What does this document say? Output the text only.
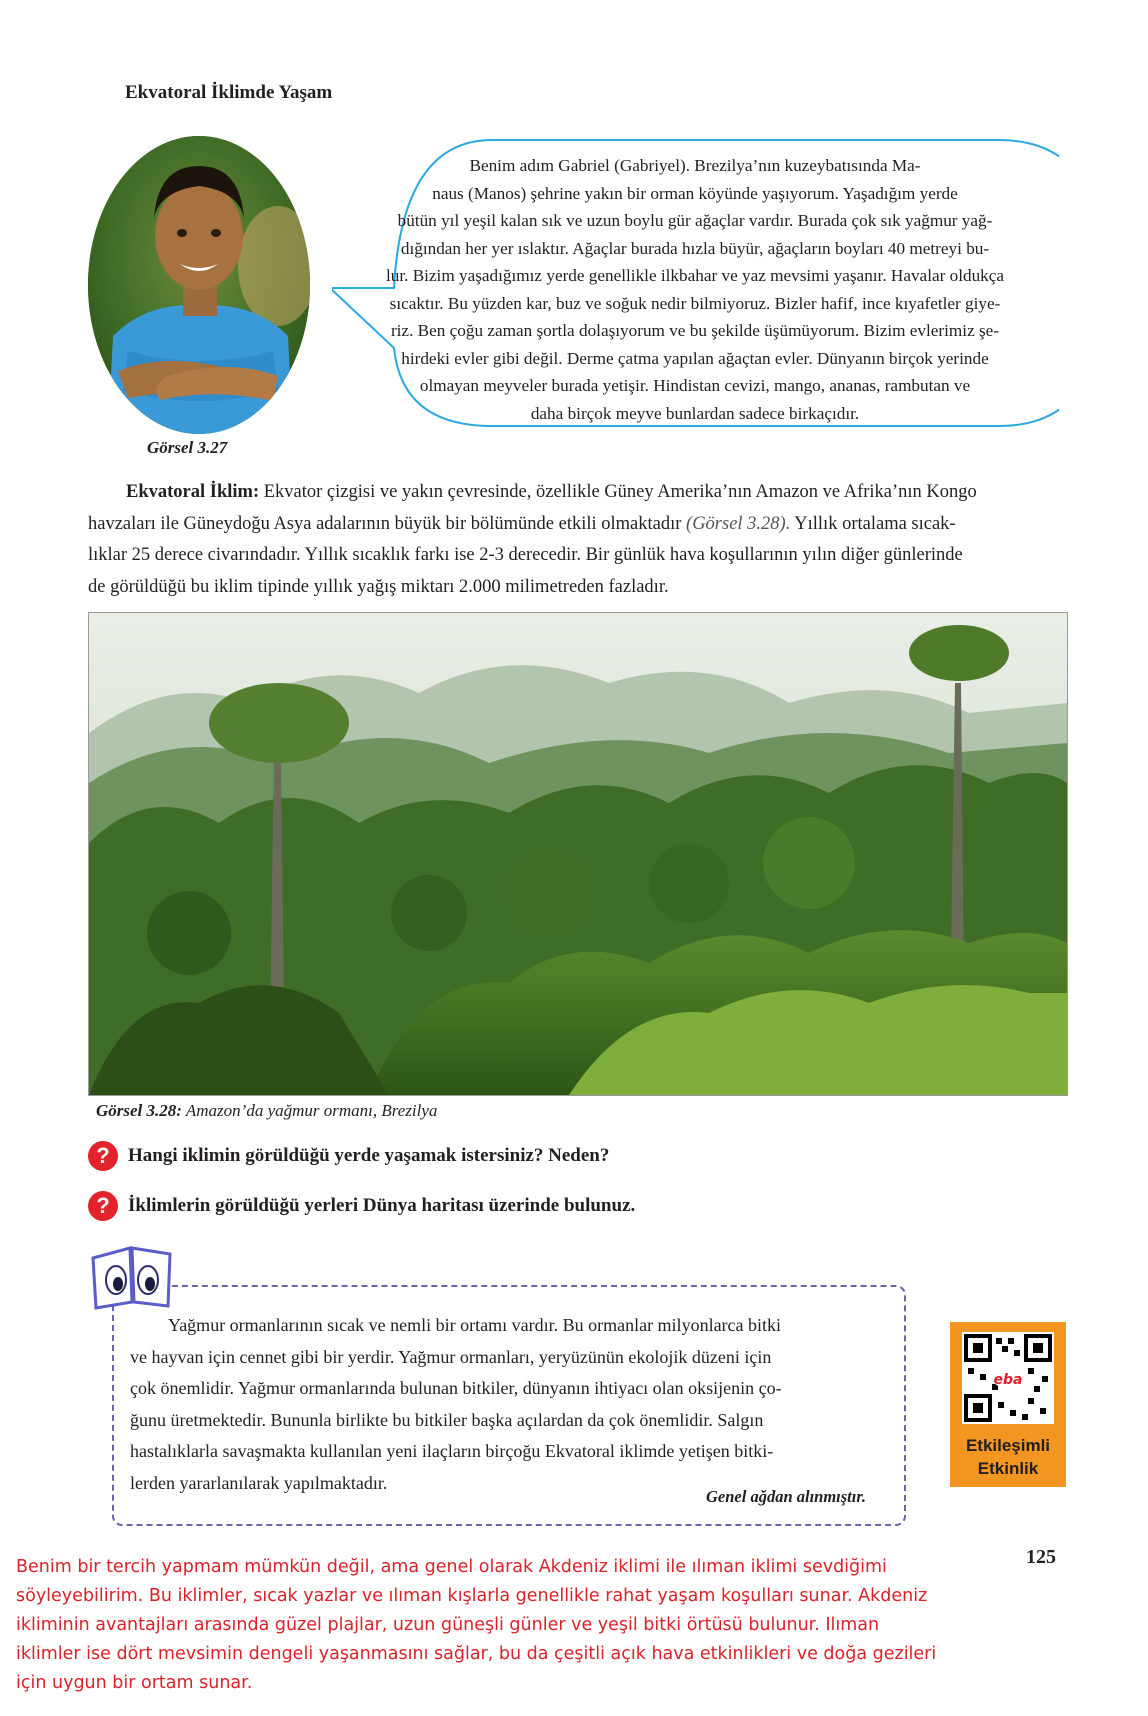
Ekvatoral İklimde Yaşam
Görsel 3.27
Benim adım Gabriel (Gabriyel). Brezilya’nın kuzeybatısında Ma-
naus (Manos) şehrine yakın bir orman köyünde yaşıyorum. Yaşadığım yerde
bütün yıl yeşil kalan sık ve uzun boylu gür ağaçlar vardır. Burada çok sık yağmur yağ-
dığından her yer ıslaktır. Ağaçlar burada hızla büyür, ağaçların boyları 40 metreyi bu-
lur. Bizim yaşadığımız yerde genellikle ilkbahar ve yaz mevsimi yaşanır. Havalar oldukça
sıcaktır. Bu yüzden kar, buz ve soğuk nedir bilmiyoruz. Bizler hafif, ince kıyafetler giye-
riz. Ben çoğu zaman şortla dolaşıyorum ve bu şekilde üşümüyorum. Bizim evlerimiz şe-
hirdeki evler gibi değil. Derme çatma yapılan ağaçtan evler. Dünyanın birçok yerinde
olmayan meyveler burada yetişir. Hindistan cevizi, mango, ananas, rambutan ve
daha birçok meyve bunlardan sadece birkaçıdır.
Ekvatoral İklim: Ekvator çizgisi ve yakın çevresinde, özellikle Güney Amerika’nın Amazon ve Afrika’nın Kongo
havzaları ile Güneydoğu Asya adalarının büyük bir bölümünde etkili olmaktadır (Görsel 3.28). Yıllık ortalama sıcak-
lıklar 25 derece civarındadır. Yıllık sıcaklık farkı ise 2-3 derecedir. Bir günlük hava koşullarının yılın diğer günlerinde
de görüldüğü bu iklim tipinde yıllık yağış miktarı 2.000 milimetreden fazladır.
Görsel 3.28: Amazon’da yağmur ormanı, Brezilya
? Hangi iklimin görüldüğü yerde yaşamak istersiniz? Neden?
? İklimlerin görüldüğü yerleri Dünya haritası üzerinde bulunuz.
Yağmur ormanlarının sıcak ve nemli bir ortamı vardır. Bu ormanlar milyonlarca bitki
ve hayvan için cennet gibi bir yerdir. Yağmur ormanları, yeryüzünün ekolojik düzeni için
çok önemlidir. Yağmur ormanlarında bulunan bitkiler, dünyanın ihtiyacı olan oksijenin ço-
ğunu üretmektedir. Bununla birlikte bu bitkiler başka açılardan da çok önemlidir. Salgın
hastalıklarla savaşmakta kullanılan yeni ilaçların birçoğu Ekvatoral iklimde yetişen bitki-
lerden yararlanılarak yapılmaktadır.
Genel ağdan alınmıştır.
eba
Etkileşimli
Etkinlik
125
Benim bir tercih yapmam mümkün değil, ama genel olarak Akdeniz iklimi ile ılıman iklimi sevdiğimi
söyleyebilirim. Bu iklimler, sıcak yazlar ve ılıman kışlarla genellikle rahat yaşam koşulları sunar. Akdeniz
ikliminin avantajları arasında güzel plajlar, uzun güneşli günler ve yeşil bitki örtüsü bulunur. Ilıman
iklimler ise dört mevsimin dengeli yaşanmasını sağlar, bu da çeşitli açık hava etkinlikleri ve doğa gezileri
için uygun bir ortam sunar.
